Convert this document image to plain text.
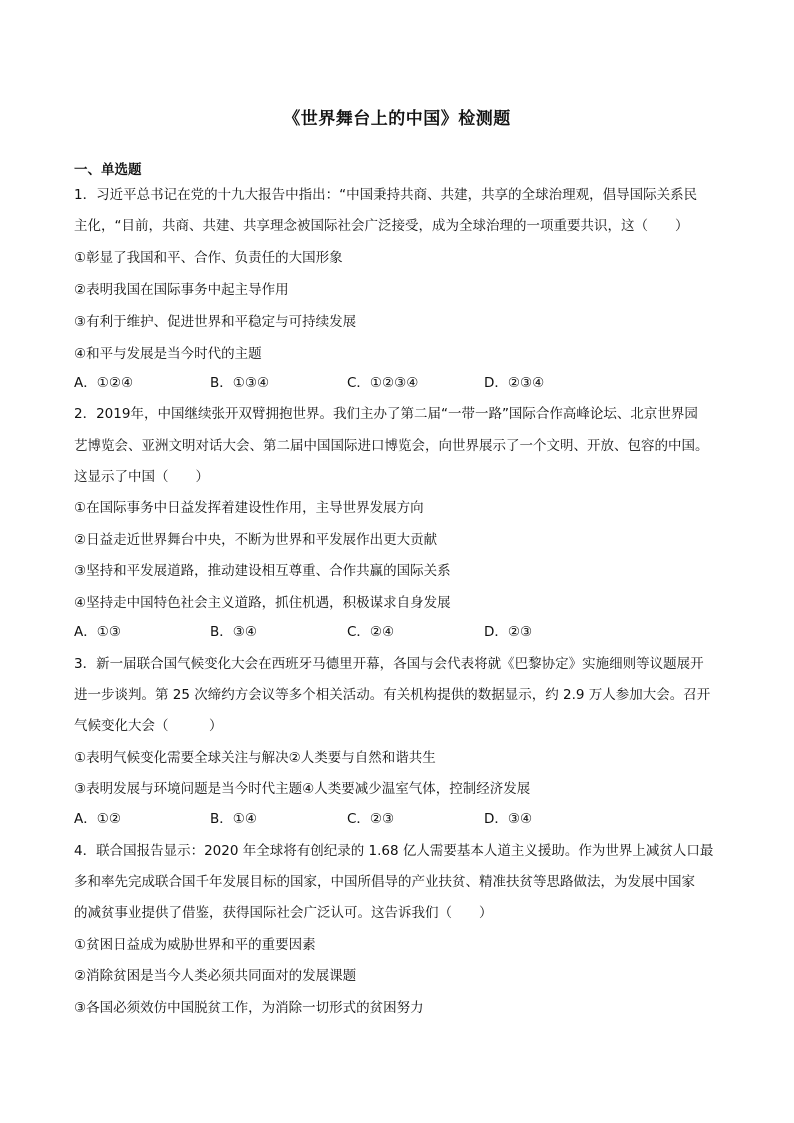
《世界舞台上的中国》检测题
一、单选题
1．习近平总书记在党的十九大报告中指出：“中国秉持共商、共建，共享的全球治理观，倡导国际关系民
主化，“目前，共商、共建、共享理念被国际社会广泛接受，成为全球治理的一项重要共识，这（　　）
①彰显了我国和平、合作、负责任的大国形象
②表明我国在国际事务中起主导作用
③有利于维护、促进世界和平稳定与可持续发展
④和平与发展是当今时代的主题
A．①②④	B．①③④	C．①②③④	D．②③④
2．2019年，中国继续张开双臂拥抱世界。我们主办了第二届“一带一路”国际合作高峰论坛、北京世界园
艺博览会、亚洲文明对话大会、第二届中国国际进口博览会，向世界展示了一个文明、开放、包容的中国。
这显示了中国（　　）
①在国际事务中日益发挥着建设性作用，主导世界发展方向
②日益走近世界舞台中央，不断为世界和平发展作出更大贡献
③坚持和平发展道路，推动建设相互尊重、合作共赢的国际关系
④坚持走中国特色社会主义道路，抓住机遇，积极谋求自身发展
A．①③	B．③④	C．②④	D．②③
3．新一届联合国气候变化大会在西班牙马德里开幕，各国与会代表将就《巴黎协定》实施细则等议题展开
进一步谈判。第 25 次缔约方会议等多个相关活动。有关机构提供的数据显示，约 2.9 万人参加大会。召开
气候变化大会（　　　）
①表明气候变化需要全球关注与解决②人类要与自然和谐共生
③表明发展与环境问题是当今时代主题④人类要减少温室气体，控制经济发展
A．①②	B．①④	C．②③	D．③④
4．联合国报告显示：2020 年全球将有创纪录的 1.68 亿人需要基本人道主义援助。作为世界上减贫人口最
多和率先完成联合国千年发展目标的国家，中国所倡导的产业扶贫、精准扶贫等思路做法，为发展中国家
的减贫事业提供了借鉴，获得国际社会广泛认可。这告诉我们（　　）
①贫困日益成为威胁世界和平的重要因素
②消除贫困是当今人类必须共同面对的发展课题
③各国必须效仿中国脱贫工作，为消除一切形式的贫困努力
